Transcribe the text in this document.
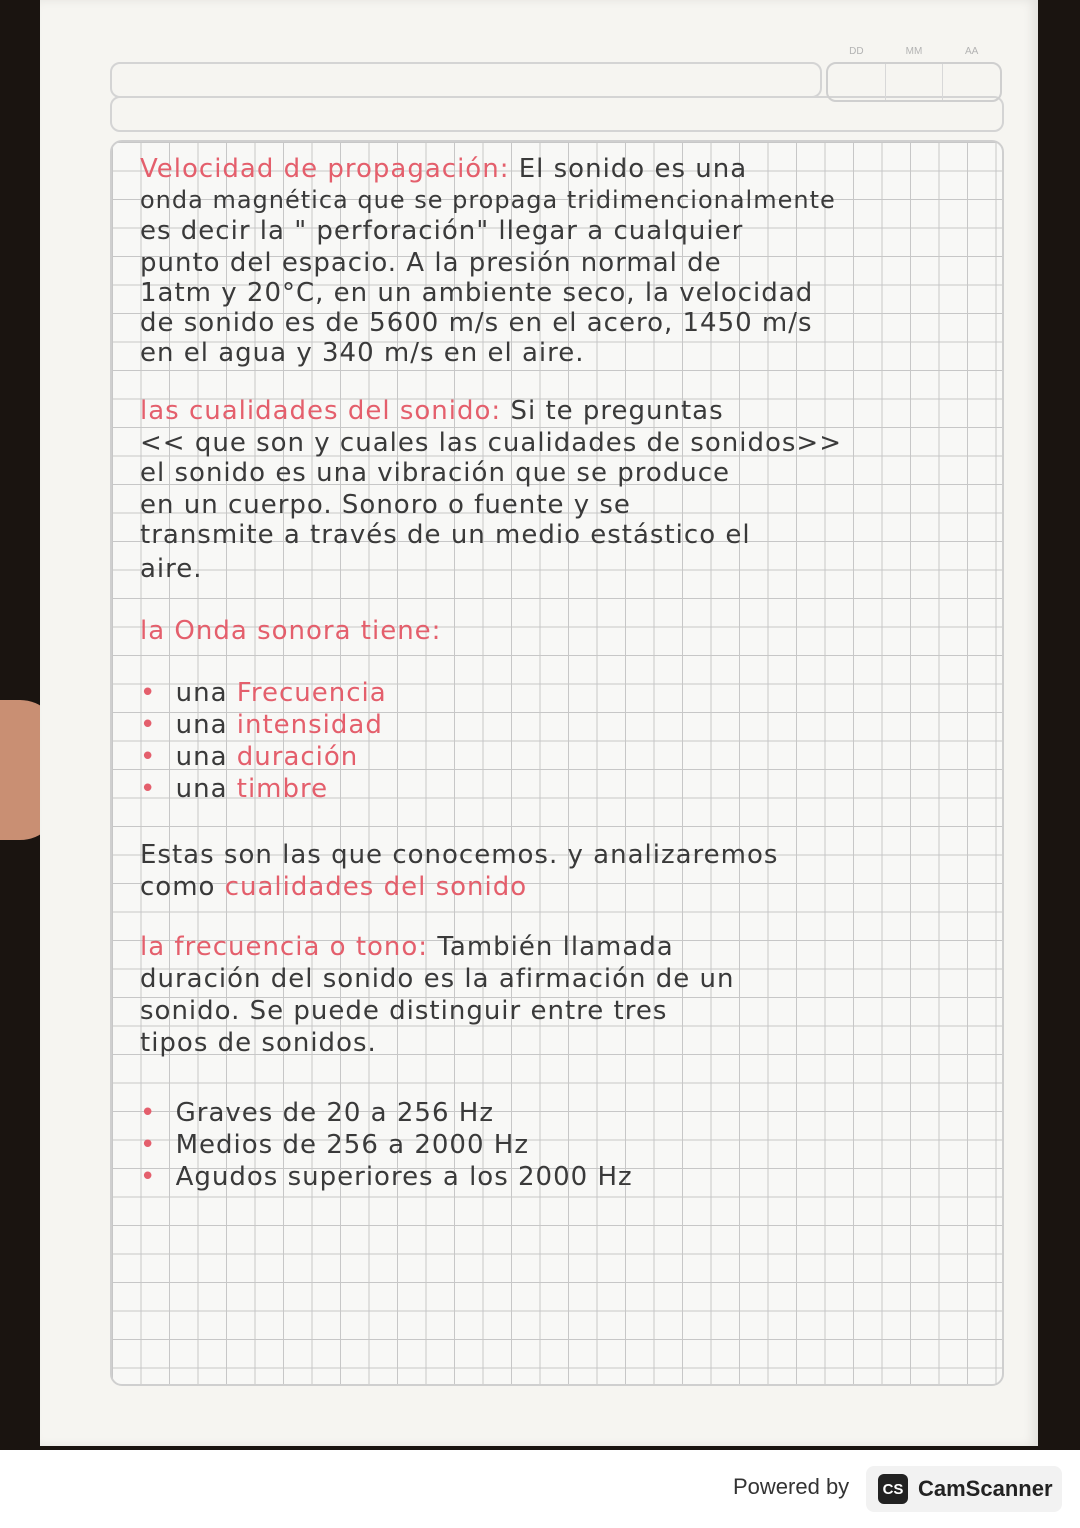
DD	MM	AA
Velocidad de propagación: El sonido es una
onda magnética que se propaga tridimencionalmente
es decir la " perforación" llegar a cualquier
punto del espacio. A la presión normal de
1atm y 20°C, en un ambiente seco, la velocidad
de sonido es de 5600 m/s en el acero, 1450 m/s
en el agua y 340 m/s en el aire.
las cualidades del sonido: Si te preguntas
<< que son y cuales las cualidades de sonidos>>
el sonido es una vibración que se produce
en un cuerpo. Sonoro o fuente y se
transmite a través de un medio estástico el
aire.
la Onda sonora tiene:
• una Frecuencia
• una intensidad
• una duración
• una timbre
Estas son las que conocemos. y analizaremos
como cualidades del sonido
la frecuencia o tono: También llamada
duración del sonido es la afirmación de un
sonido. Se puede distinguir entre tres
tipos de sonidos.
• Graves de 20 a 256 Hz
• Medios de 256 a 2000 Hz
• Agudos superiores a los 2000 Hz
Powered by	CS CamScanner
